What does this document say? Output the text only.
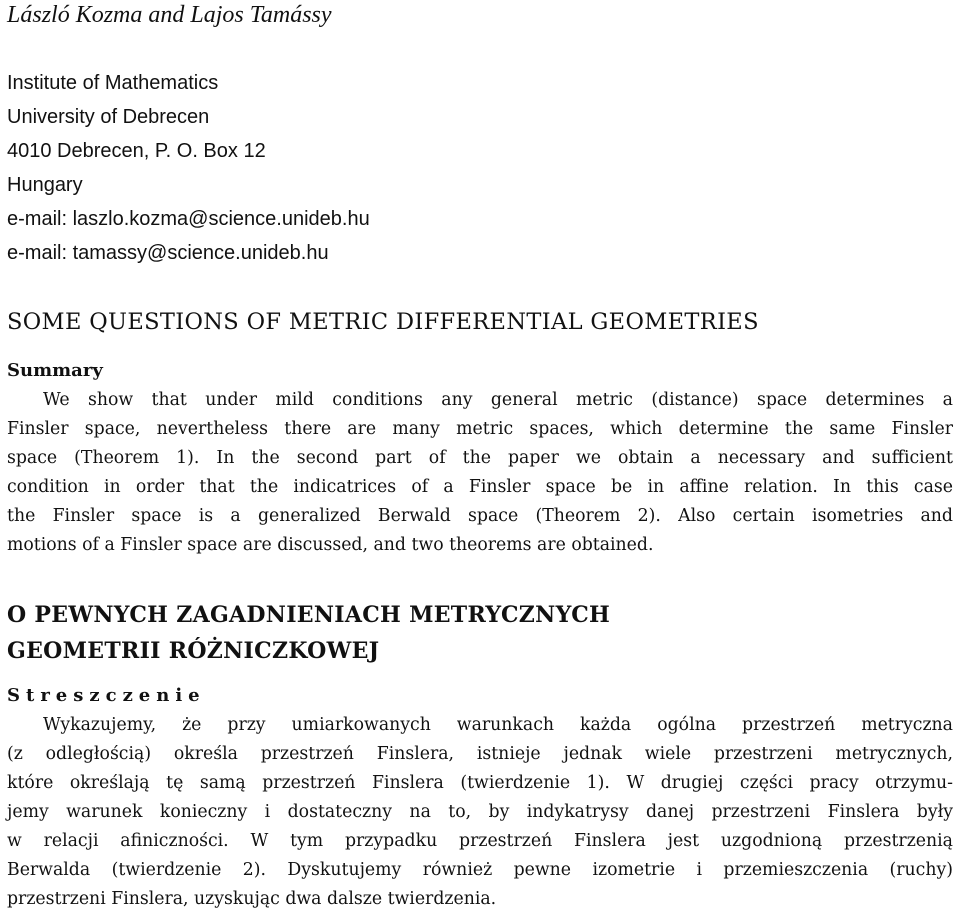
László Kozma and Lajos Tamássy
Institute of Mathematics
University of Debrecen
4010 Debrecen, P. O. Box 12
Hungary
e-mail: laszlo.kozma@science.unideb.hu
e-mail: tamassy@science.unideb.hu
SOME QUESTIONS OF METRIC DIFFERENTIAL GEOMETRIES
Summary
We show that under mild conditions any general metric (distance) space determines a
Finsler space, nevertheless there are many metric spaces, which determine the same Finsler
space (Theorem 1). In the second part of the paper we obtain a necessary and sufficient
condition in order that the indicatrices of a Finsler space be in affine relation. In this case
the Finsler space is a generalized Berwald space (Theorem 2). Also certain isometries and
motions of a Finsler space are discussed, and two theorems are obtained.
O PEWNYCH ZAGADNIENIACH METRYCZNYCH
GEOMETRII RÓŻNICZKOWEJ
Streszczenie
Wykazujemy, że przy umiarkowanych warunkach każda ogólna przestrzeń metryczna
(z odległością) określa przestrzeń Finslera, istnieje jednak wiele przestrzeni metrycznych,
które określają tę samą przestrzeń Finslera (twierdzenie 1). W drugiej części pracy otrzymu-
jemy warunek konieczny i dostateczny na to, by indykatrysy danej przestrzeni Finslera były
w relacji afiniczności. W tym przypadku przestrzeń Finslera jest uzgodnioną przestrzenią
Berwalda (twierdzenie 2). Dyskutujemy również pewne izometrie i przemieszczenia (ruchy)
przestrzeni Finslera, uzyskując dwa dalsze twierdzenia.
